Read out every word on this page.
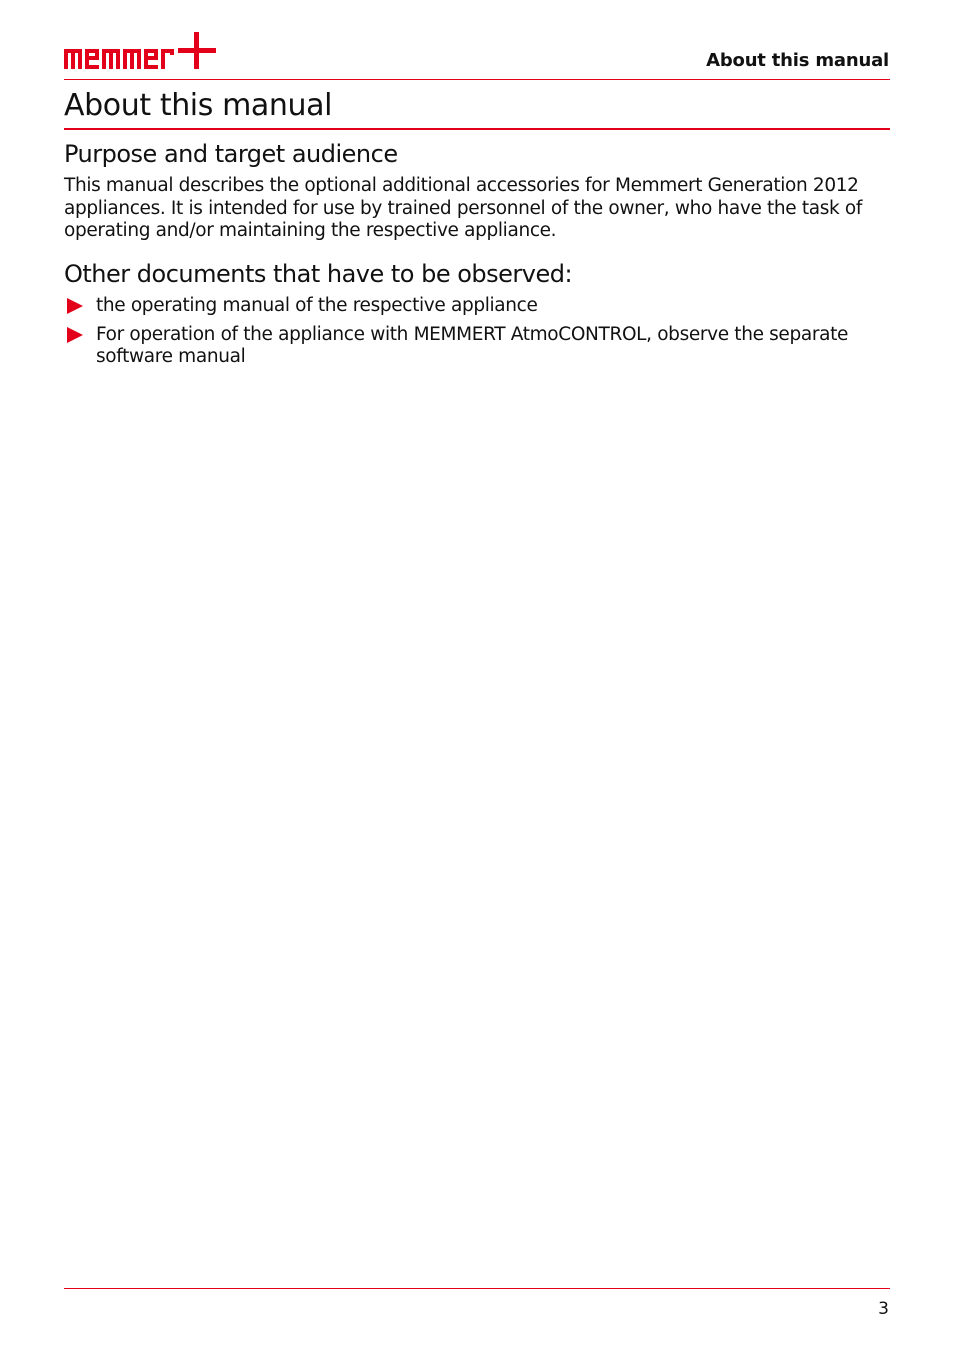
About this manual
About this manual
Purpose and target audience

This manual describes the optional additional accessories for Memmert Generation 2012 appliances. It is intended for use by trained personnel of the owner, who have the task of operating and/or maintaining the respective appliance.

Other documents that have to be observed:
the operating manual of the respective appliance
For operation of the appliance with MEMMERT AtmoCONTROL, observe the separate software manual
3
